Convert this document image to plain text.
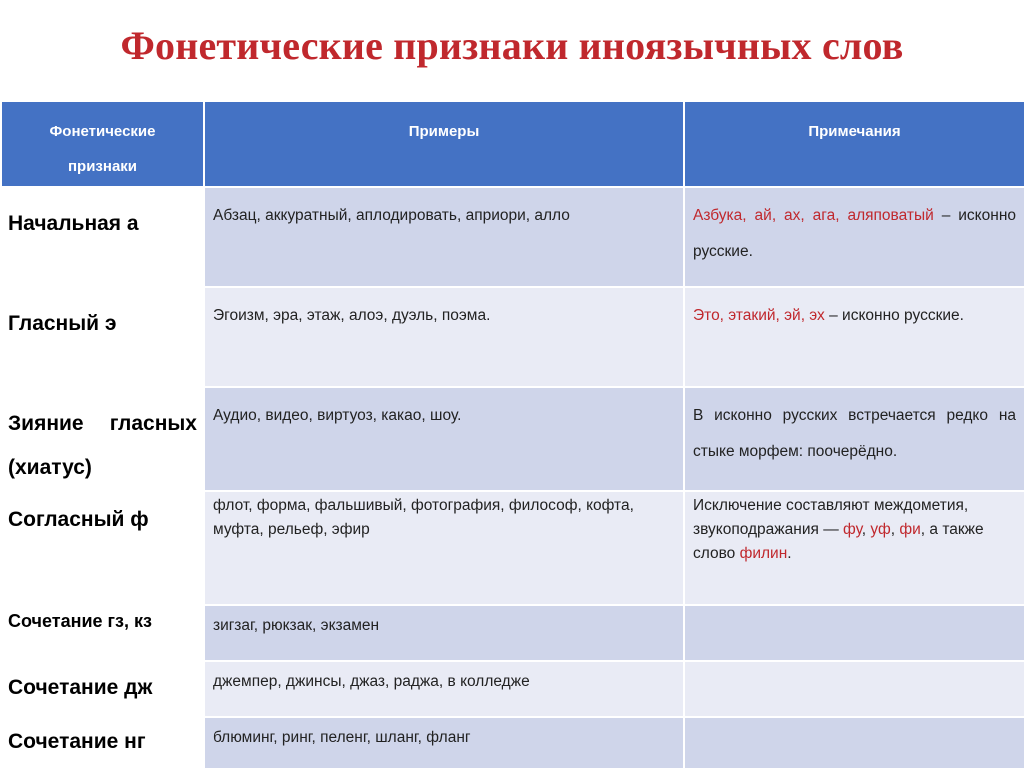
Фонетические признаки иноязычных слов
Фонетические признаки	Примеры	Примечания
Начальная а	Абзац, аккуратный, аплодировать, априори, алло	Азбука, ай, ах, ага, аляповатый – исконно русские.
Гласный э	Эгоизм, эра, этаж, алоэ, дуэль, поэма.	Это, этакий, эй, эх – исконно русские.
Зияние гласных (хиатус)	Аудио, видео, виртуоз, какао, шоу.	В исконно русских встречается редко на стыке морфем: поочерёдно.
Согласный ф	флот, форма, фальшивый, фотография, философ, кофта, муфта, рельеф, эфир	Исключение составляют междометия, звукоподражания — фу, уф, фи, а также слово филин.
Сочетание гз, кз	зигзаг, рюкзак, экзамен	
Сочетание дж	джемпер, джинсы, джаз, раджа, в колледже	
Сочетание нг	блюминг, ринг, пеленг, шланг, фланг	
